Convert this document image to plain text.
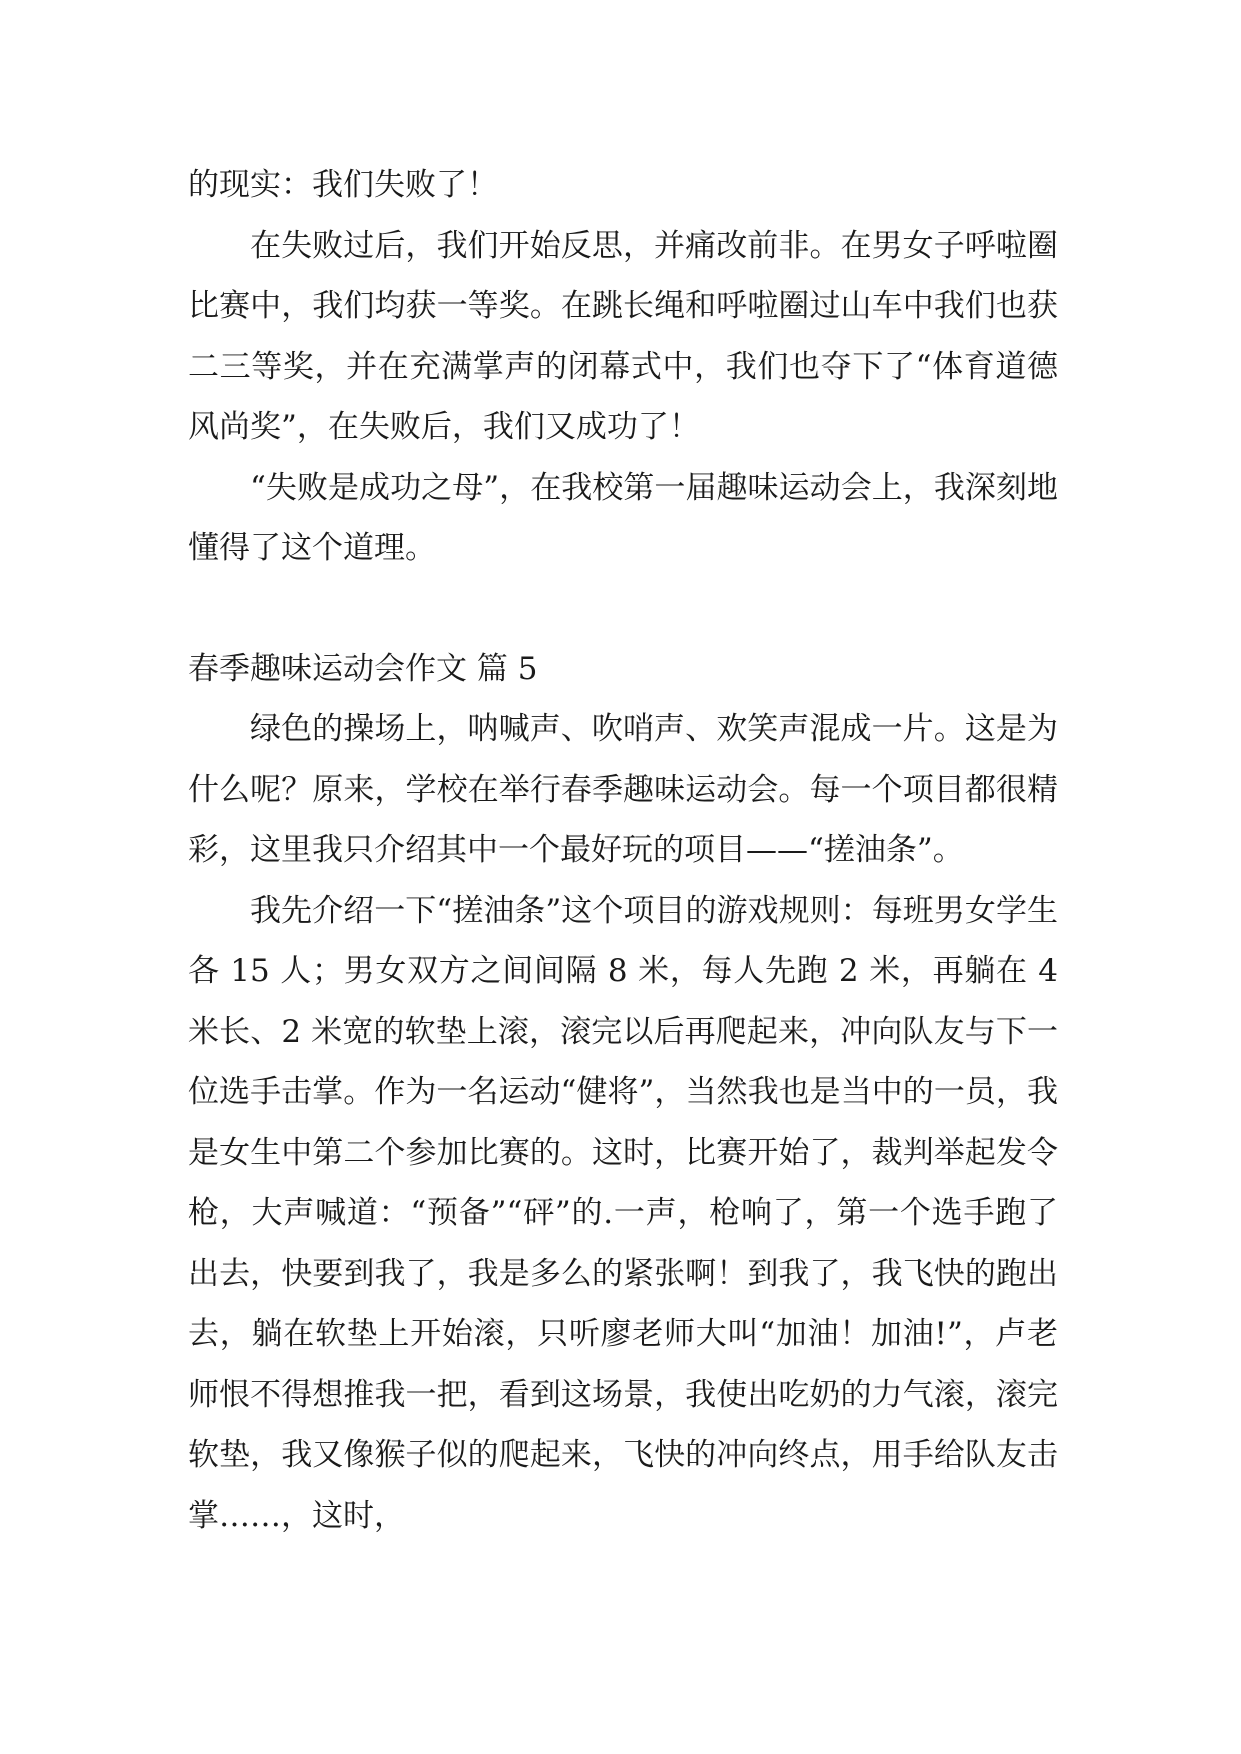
的现实：我们失败了！

在失败过后，我们开始反思，并痛改前非。在男女子呼啦圈比赛中，我们均获一等奖。在跳长绳和呼啦圈过山车中我们也获二三等奖，并在充满掌声的闭幕式中，我们也夺下了“体育道德风尚奖”，在失败后，我们又成功了！

“失败是成功之母”，在我校第一届趣味运动会上，我深刻地懂得了这个道理。

春季趣味运动会作文 篇 5

绿色的操场上，呐喊声、吹哨声、欢笑声混成一片。这是为什么呢？原来，学校在举行春季趣味运动会。每一个项目都很精彩，这里我只介绍其中一个最好玩的项目——“搓油条”。

我先介绍一下“搓油条”这个项目的游戏规则：每班男女学生各 15 人；男女双方之间间隔 8 米，每人先跑 2 米，再躺在 4 米长、2 米宽的软垫上滚，滚完以后再爬起来，冲向队友与下一位选手击掌。作为一名运动“健将”，当然我也是当中的一员，我是女生中第二个参加比赛的。这时，比赛开始了，裁判举起发令枪，大声喊道：“预备”“砰”的.一声，枪响了，第一个选手跑了出去，快要到我了，我是多么的紧张啊！到我了，我飞快的跑出去，躺在软垫上开始滚，只听廖老师大叫“加油！加油!”，卢老师恨不得想推我一把，看到这场景，我使出吃奶的力气滚，滚完软垫，我又像猴子似的爬起来，飞快的冲向终点，用手给队友击掌……，这时，
